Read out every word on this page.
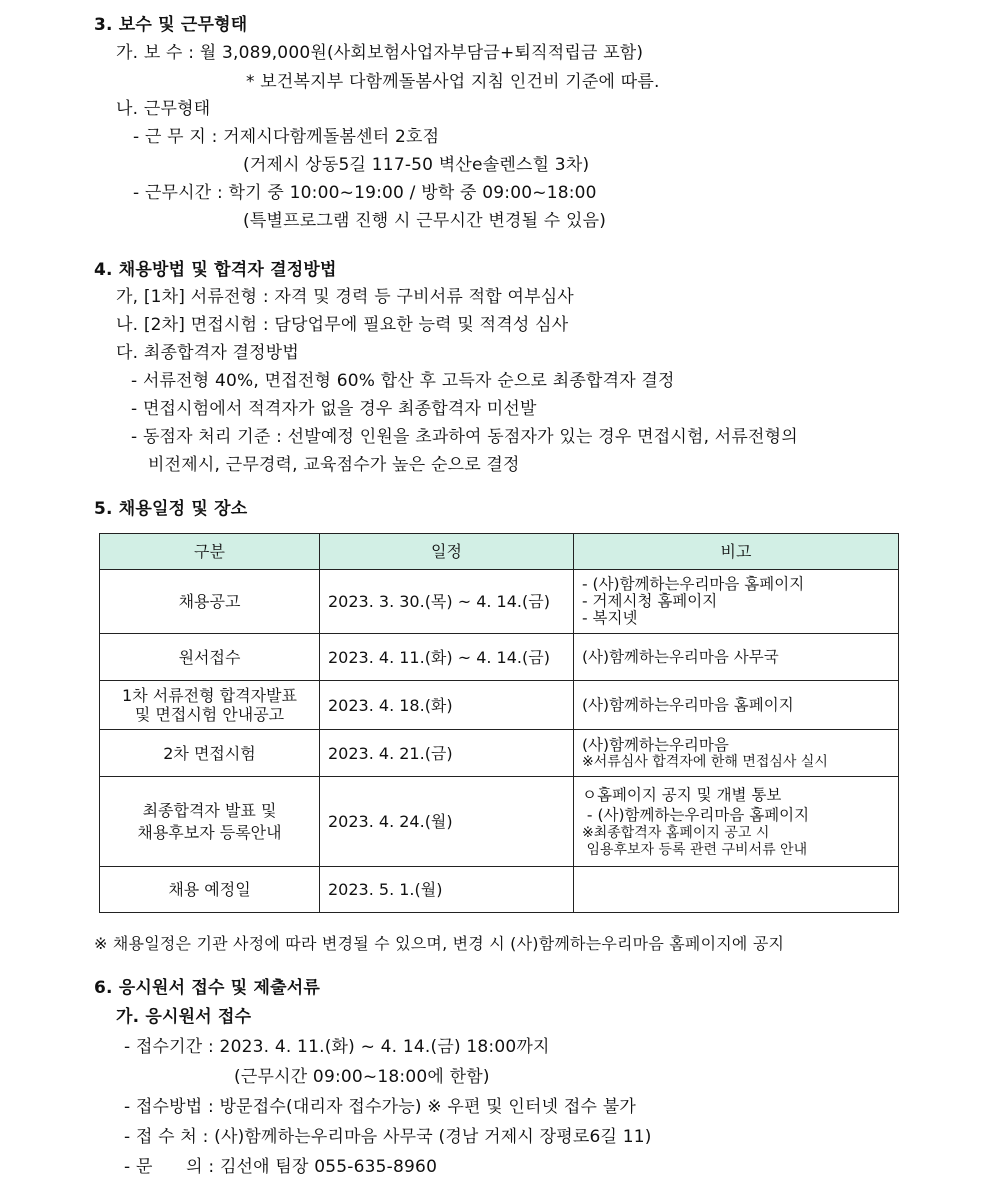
3. 보수 및 근무형태
가. 보 수 : 월 3,089,000원(사회보험사업자부담금+퇴직적립금 포함)
* 보건복지부 다함께돌봄사업 지침 인건비 기준에 따름.
나. 근무형태
- 근 무 지 : 거제시다함께돌봄센터 2호점
(거제시 상동5길 117-50 벽산e솔렌스힐 3차)
- 근무시간 : 학기 중 10:00~19:00 / 방학 중 09:00~18:00
(특별프로그램 진행 시 근무시간 변경될 수 있음)
4. 채용방법 및 합격자 결정방법
가, [1차] 서류전형 : 자격 및 경력 등 구비서류 적합 여부심사
나. [2차] 면접시험 : 담당업무에 필요한 능력 및 적격성 심사
다. 최종합격자 결정방법
- 서류전형 40%, 면접전형 60% 합산 후 고득자 순으로 최종합격자 결정
- 면접시험에서 적격자가 없을 경우 최종합격자 미선발
- 동점자 처리 기준 : 선발예정 인원을 초과하여 동점자가 있는 경우 면접시험, 서류전형의
비전제시, 근무경력, 교육점수가 높은 순으로 결정
5. 채용일정 및 장소
구분	일정	비고

채용공고	2023. 3. 30.(목) ~ 4. 14.(금)	- (사)함께하는우리마음 홈페이지
- 거제시청 홈페이지
- 복지넷

원서접수	2023. 4. 11.(화) ~ 4. 14.(금)	(사)함께하는우리마음 사무국

1차 서류전형 합격자발표
및 면접시험 안내공고	2023. 4. 18.(화)	(사)함께하는우리마음 홈페이지

2차 면접시험	2023. 4. 21.(금)	(사)함께하는우리마음
※서류심사 합격자에 한해 면접심사 실시

최종합격자 발표 및
채용후보자 등록안내	2023. 4. 24.(월)	ㅇ홈페이지 공지 및 개별 통보
- (사)함께하는우리마음 홈페이지
※최종합격자 홈페이지 공고 시
임용후보자 등록 관련 구비서류 안내

채용 예정일	2023. 5. 1.(월)	
※ 채용일정은 기관 사정에 따라 변경될 수 있으며, 변경 시 (사)함께하는우리마음 홈페이지에 공지
6. 응시원서 접수 및 제출서류
가. 응시원서 접수
- 접수기간 : 2023. 4. 11.(화) ~ 4. 14.(금) 18:00까지
(근무시간 09:00~18:00에 한함)
- 접수방법 : 방문접수(대리자 접수가능) ※ 우편 및 인터넷 접수 불가
- 접 수 처 : (사)함께하는우리마음 사무국 (경남 거제시 장평로6길 11)
- 문      의 : 김선애 팀장 055-635-8960
